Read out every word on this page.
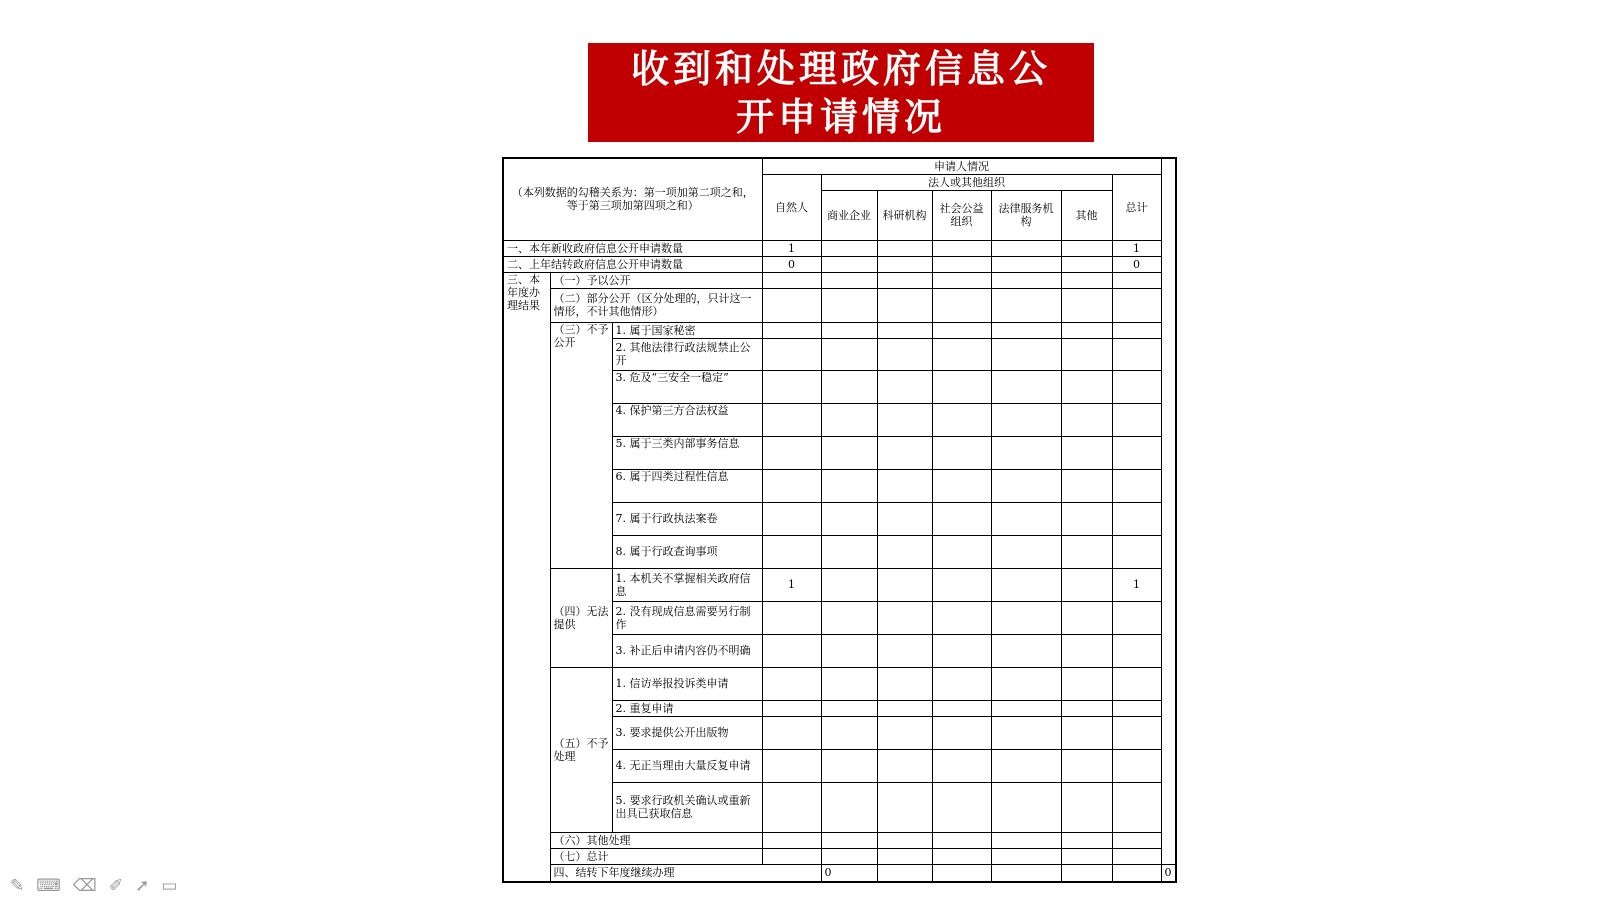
收到和处理政府信息公开申请情况
（本列数据的勾稽关系为：第一项加第二项之和，等于第三项加第四项之和）			申请人情况							
			自然人	法人或其他组织					总计	
				商业企业	科研机构	社会公益组织	法律服务机构	其他		
一、本年新收政府信息公开申请数量			1						1	
二、上年结转政府信息公开申请数量			0						0	
三、本年度办理结果	（一）予以公开									
	（二）部分公开（区分处理的，只计这一情形，不计其他情形）									
	（三）不予公开	1. 属于国家秘密								
		2. 其他法律行政法规禁止公开								
		3. 危及“三安全一稳定”								
		4. 保护第三方合法权益								
		5. 属于三类内部事务信息								
		6. 属于四类过程性信息								
		7. 属于行政执法案卷								
		8. 属于行政查询事项								
	（四）无法提供	1. 本机关不掌握相关政府信息	1						1	
		2. 没有现成信息需要另行制作								
		3. 补正后申请内容仍不明确								
	（五）不予处理	1. 信访举报投诉类申请								
		2. 重复申请								
		3. 要求提供公开出版物								
		4. 无正当理由大量反复申请								
		5. 要求行政机关确认或重新出具已获取信息								
	（六）其他处理									
	（七）总计									
	四、结转下年度继续办理			0						0
✎ ⌨ ⌫ ✐ ➚ ▭
